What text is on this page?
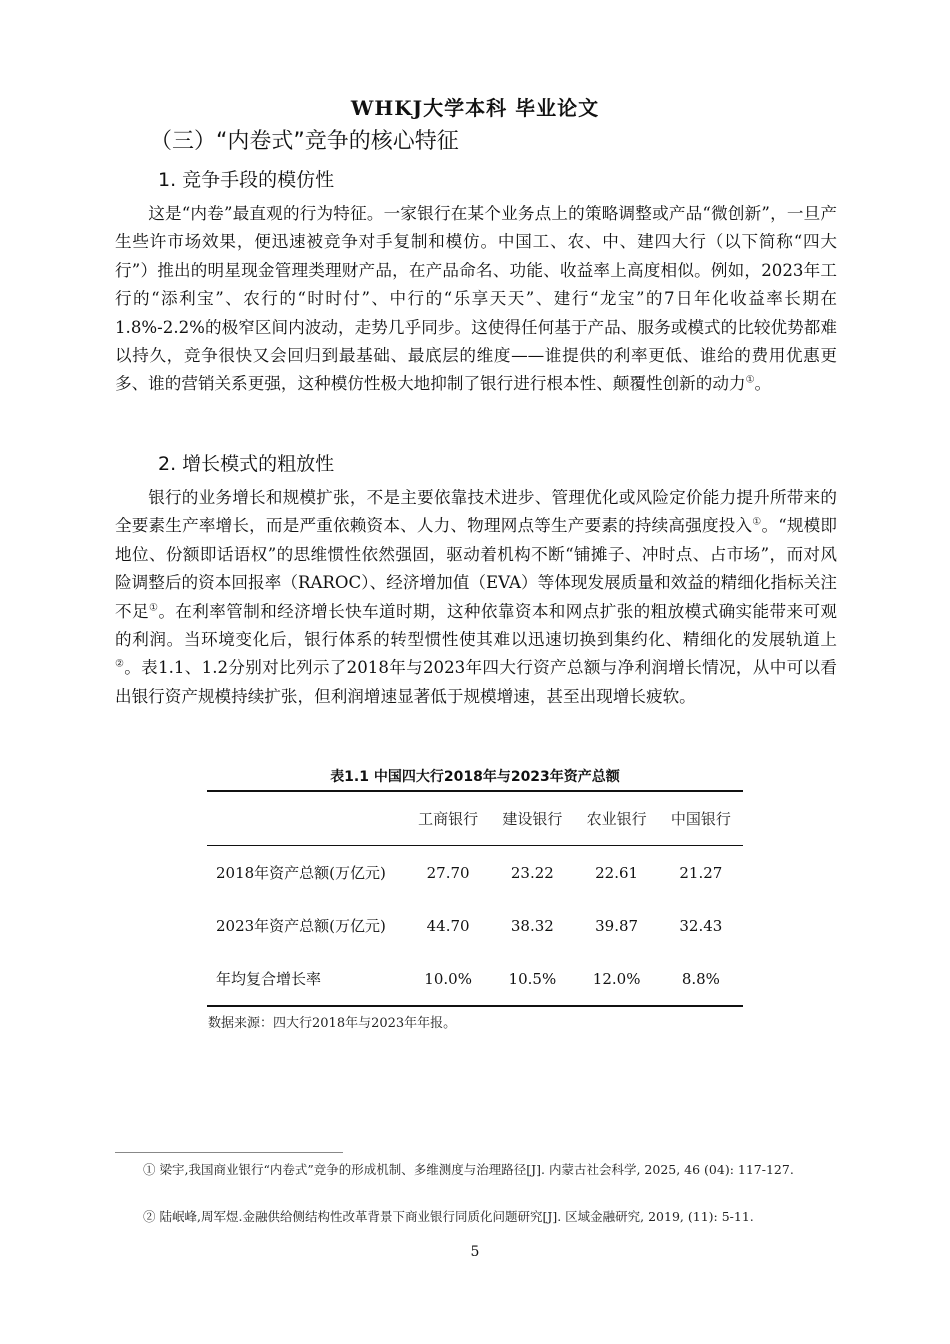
WHKJ大学本科 毕业论文
（三）“内卷式”竞争的核心特征
1. 竞争手段的模仿性

这是“内卷”最直观的行为特征。一家银行在某个业务点上的策略调整或产品“微创新”，一旦产生些许市场效果，便迅速被竞争对手复制和模仿。中国工、农、中、建四大行（以下简称“四大行”）推出的明星现金管理类理财产品，在产品命名、功能、收益率上高度相似。例如，2023年工行的“添利宝”、农行的“时时付”、中行的“乐享天天”、建行“龙宝”的7日年化收益率长期在1.8%-2.2%的极窄区间内波动，走势几乎同步。这使得任何基于产品、服务或模式的比较优势都难以持久，竞争很快又会回归到最基础、最底层的维度——谁提供的利率更低、谁给的费用优惠更多、谁的营销关系更强，这种模仿性极大地抑制了银行进行根本性、颠覆性创新的动力①。

2. 增长模式的粗放性

银行的业务增长和规模扩张，不是主要依靠技术进步、管理优化或风险定价能力提升所带来的全要素生产率增长，而是严重依赖资本、人力、物理网点等生产要素的持续高强度投入①。“规模即地位、份额即话语权”的思维惯性依然强固，驱动着机构不断“铺摊子、冲时点、占市场”，而对风险调整后的资本回报率（RAROC）、经济增加值（EVA）等体现发展质量和效益的精细化指标关注不足①。在利率管制和经济增长快车道时期，这种依靠资本和网点扩张的粗放模式确实能带来可观的利润。当环境变化后，银行体系的转型惯性使其难以迅速切换到集约化、精细化的发展轨道上②。表1.1、1.2分别对比列示了2018年与2023年四大行资产总额与净利润增长情况，从中可以看出银行资产规模持续扩张，但利润增速显著低于规模增速，甚至出现增长疲软。

表1.1 中国四大行2018年与2023年资产总额
	工商银行	建设银行	农业银行	中国银行
2018年资产总额(万亿元)	27.70	23.22	22.61	21.27
2023年资产总额(万亿元)	44.70	38.32	39.87	32.43
年均复合增长率	10.0%	10.5%	12.0%	8.8%
数据来源：四大行2018年与2023年年报。
① 梁宇,我国商业银行“内卷式”竞争的形成机制、多维测度与治理路径[J]. 内蒙古社会科学, 2025, 46 (04): 117-127.
② 陆岷峰,周军煜.金融供给侧结构性改革背景下商业银行同质化问题研究[J]. 区域金融研究, 2019, (11): 5-11.
5
